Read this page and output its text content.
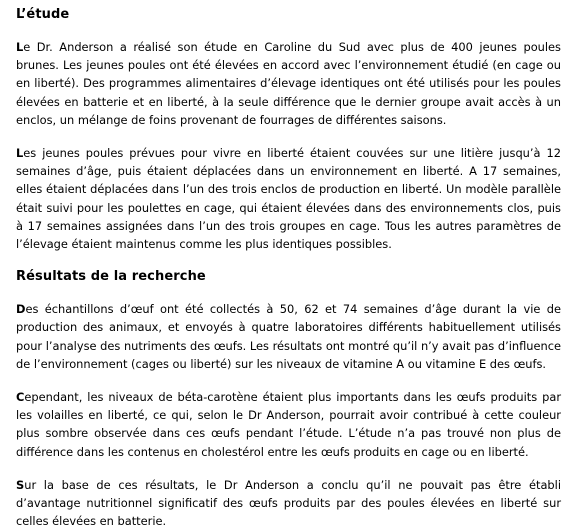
L’étude

Le Dr. Anderson a réalisé son étude en Caroline du Sud avec plus de 400 jeunes poules brunes. Les jeunes poules ont été élevées en accord avec l’environnement étudié (en cage ou en liberté). Des programmes alimentaires d’élevage identiques ont été utilisés pour les poules élevées en batterie et en liberté, à la seule différence que le dernier groupe avait accès à un enclos, un mélange de foins provenant de fourrages de différentes saisons.

Les jeunes poules prévues pour vivre en liberté étaient couvées sur une litière jusqu’à 12 semaines d’âge, puis étaient déplacées dans un environnement en liberté. A 17 semaines, elles étaient déplacées dans l’un des trois enclos de production en liberté. Un modèle parallèle était suivi pour les poulettes en cage, qui étaient élevées dans des environnements clos, puis à 17 semaines assignées dans l’un des trois groupes en cage. Tous les autres paramètres de l’élevage étaient maintenus comme les plus identiques possibles.

Résultats de la recherche

Des échantillons d’œuf ont été collectés à 50, 62 et 74 semaines d’âge durant la vie de production des animaux, et envoyés à quatre laboratoires différents habituellement utilisés pour l’analyse des nutriments des œufs. Les résultats ont montré qu’il n’y avait pas d’influence de l’environnement (cages ou liberté) sur les niveaux de vitamine A ou vitamine E des œufs.

Cependant, les niveaux de béta-carotène étaient plus importants dans les œufs produits par les volailles en liberté, ce qui, selon le Dr Anderson, pourrait avoir contribué à cette couleur plus sombre observée dans ces œufs pendant l’étude. L’étude n’a pas trouvé non plus de différence dans les contenus en cholestérol entre les œufs produits en cage ou en liberté.

Sur la base de ces résultats, le Dr Anderson a conclu qu’il ne pouvait pas être établi d’avantage nutritionnel significatif des œufs produits par des poules élevées en liberté sur celles élevées en batterie.
